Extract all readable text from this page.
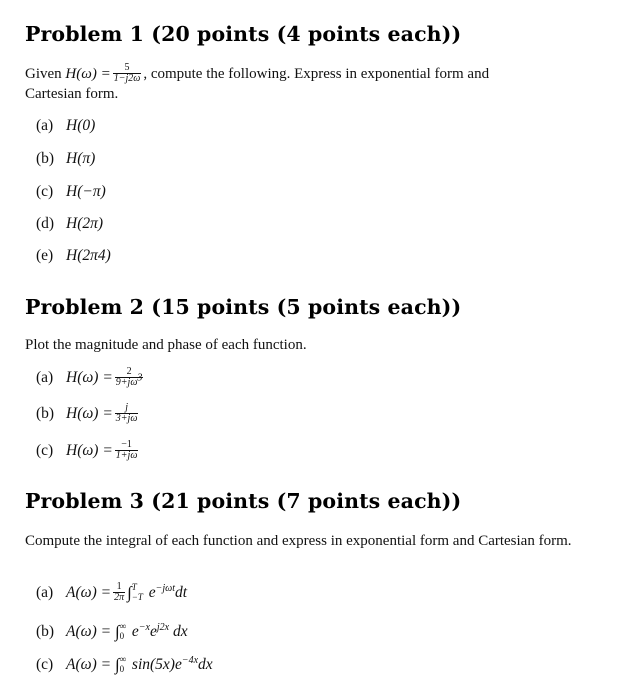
Problem 1 (20 points (4 points each))

Given $H(\omega) = \frac{5}{1-j2\omega}$ , compute the following. Express in exponential form and
Cartesian form.

(a) H(0)
(b) H(π)
(c) H(−π)
(d) H(2π)
(e) H(2π4)
Problem 2 (15 points (5 points each))

Plot the magnitude and phase of each function.

(a) $H(\omega) = \frac{2}{9+j\omega^3}$
(b) $H(\omega) = \frac{j}{3+j\omega}$
(c) $H(\omega) = \frac{-1}{1+j\omega}$
Problem 3 (21 points (7 points each))

Compute the integral of each function and express in exponential form and Cartesian form.

(a) $A(\omega) = \frac{1}{2\pi}$ ∫ T
−T $e^{-j\omega t}dt$
(b) A(ω) = ∫ ∞
0 $e^{-x}e^{j2x}$ dx
(c) A(ω) = ∫ ∞
0 $\sin(5x)e^{-4x}dx$
